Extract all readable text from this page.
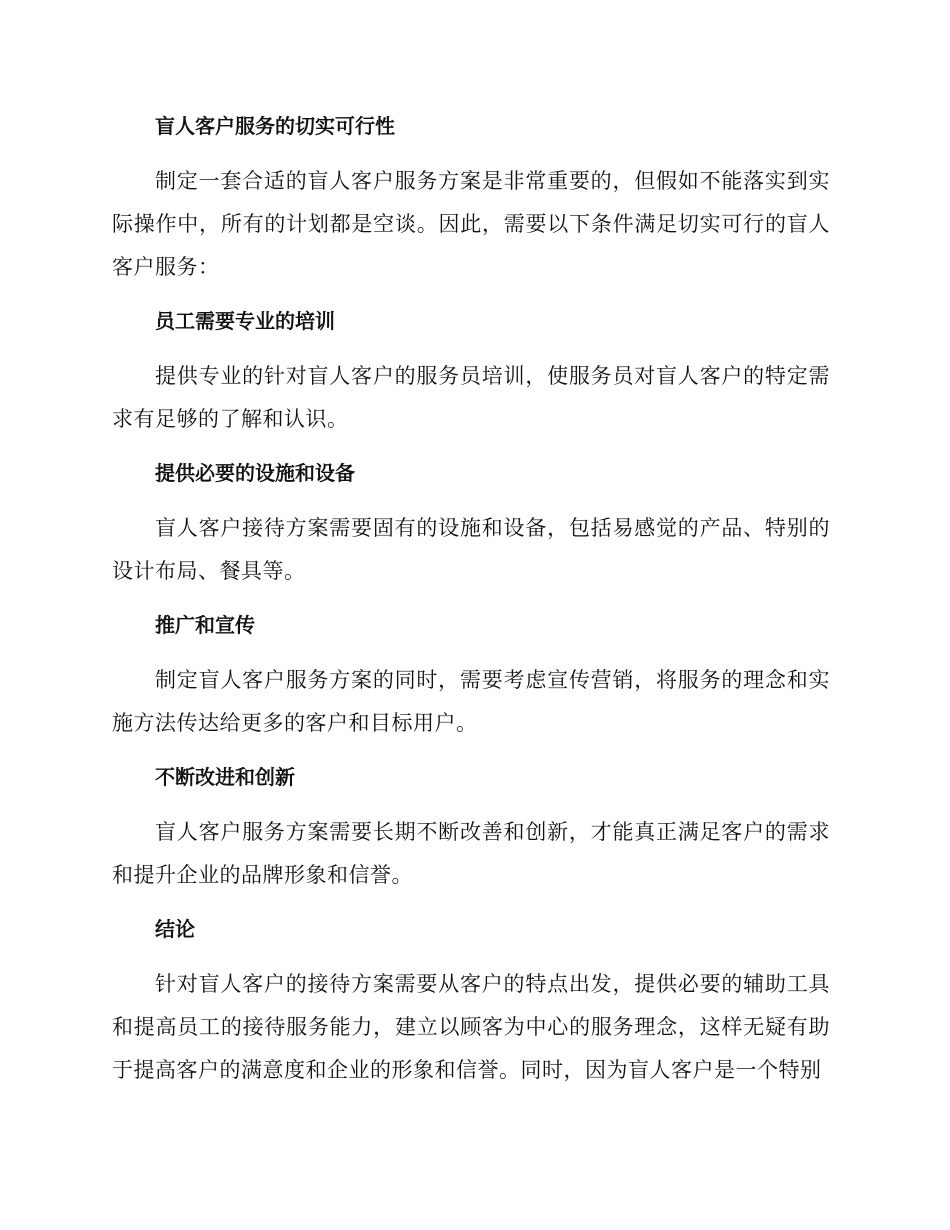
盲人客户服务的切实可行性

制定一套合适的盲人客户服务方案是非常重要的，但假如不能落实到实际操作中，所有的计划都是空谈。因此，需要以下条件满足切实可行的盲人客户服务：

员工需要专业的培训

提供专业的针对盲人客户的服务员培训，使服务员对盲人客户的特定需求有足够的了解和认识。

提供必要的设施和设备

盲人客户接待方案需要固有的设施和设备，包括易感觉的产品、特别的设计布局、餐具等。

推广和宣传

制定盲人客户服务方案的同时，需要考虑宣传营销，将服务的理念和实施方法传达给更多的客户和目标用户。

不断改进和创新

盲人客户服务方案需要长期不断改善和创新，才能真正满足客户的需求和提升企业的品牌形象和信誉。

结论

针对盲人客户的接待方案需要从客户的特点出发，提供必要的辅助工具和提高员工的接待服务能力，建立以顾客为中心的服务理念，这样无疑有助于提高客户的满意度和企业的形象和信誉。同时，因为盲人客户是一个特别
